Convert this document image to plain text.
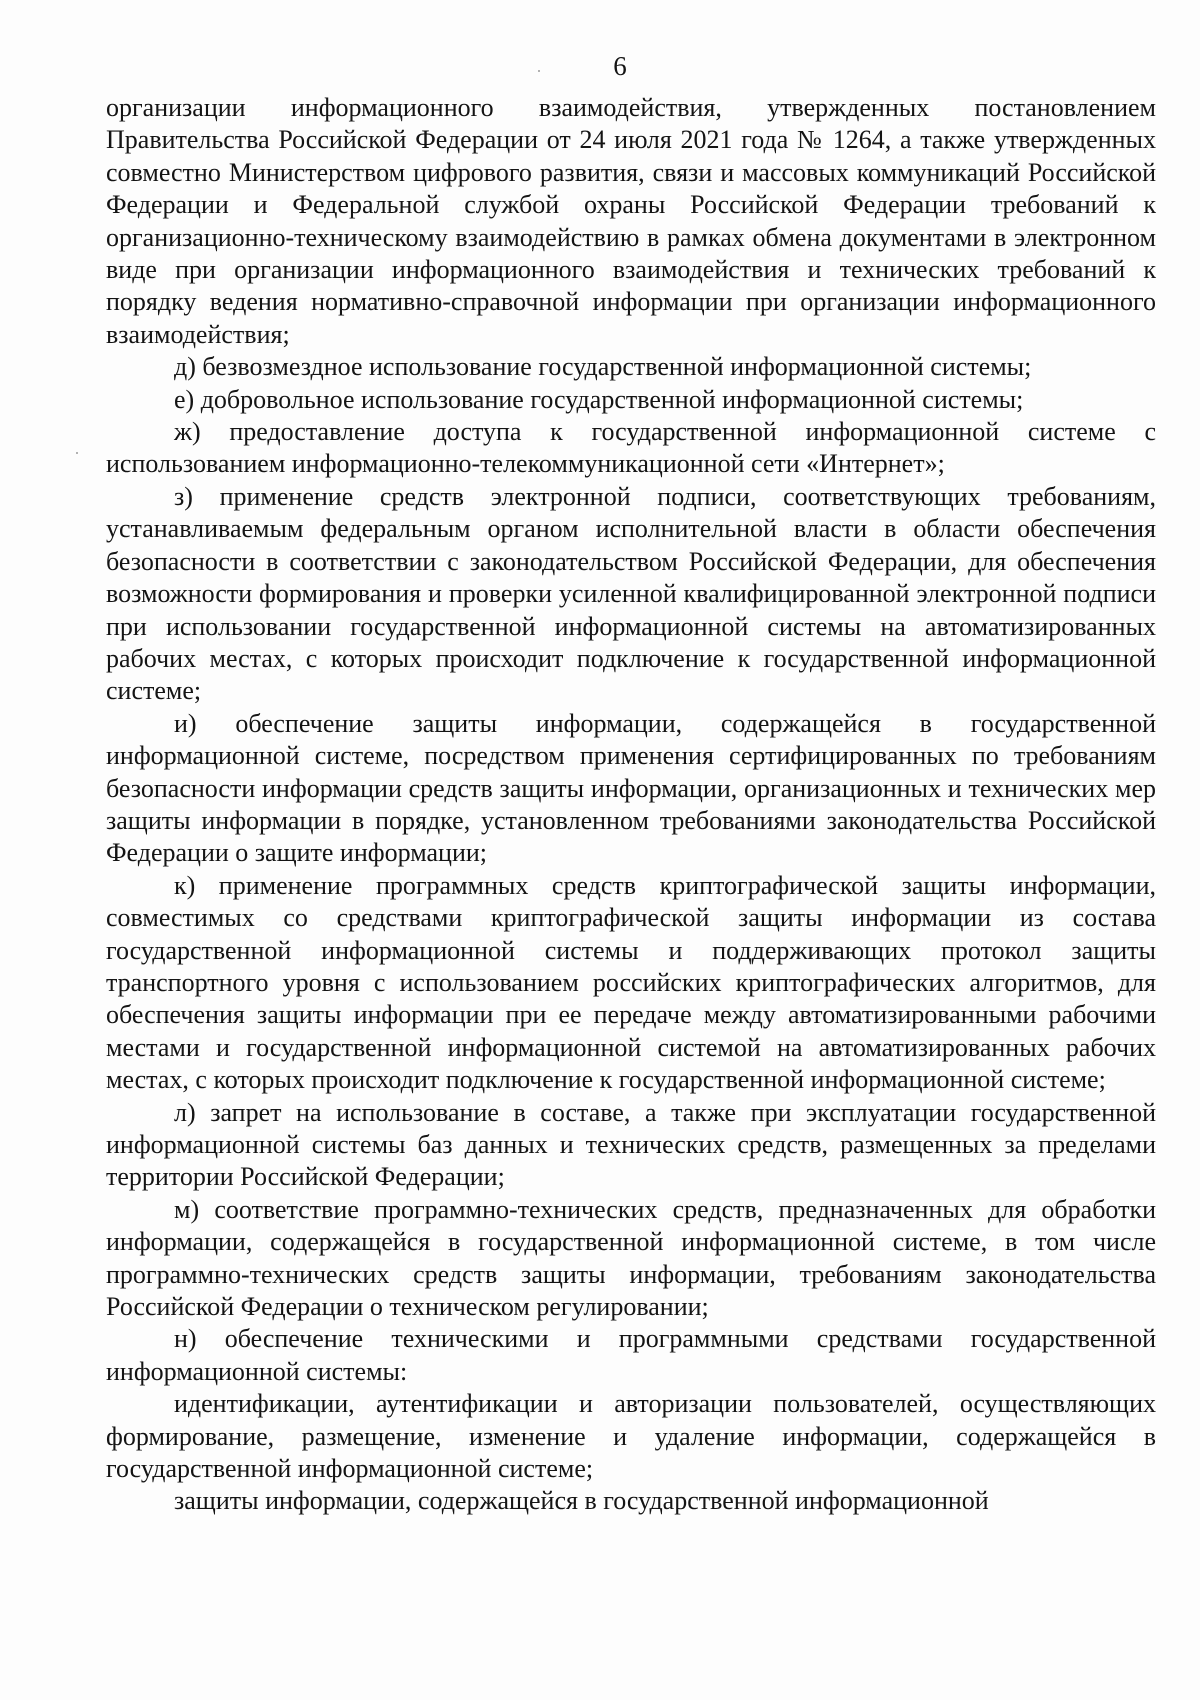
6

организации информационного взаимодействия, утвержденных постановлением Правительства Российской Федерации от 24 июля 2021 года № 1264, а также утвержденных совместно Министерством цифрового развития, связи и массовых коммуникаций Российской Федерации и Федеральной службой охраны Российской Федерации требований к организационно-техническому взаимодействию в рамках обмена документами в электронном виде при организации информационного взаимодействия и технических требований к порядку ведения нормативно-справочной информации при организации информационного взаимодействия;

д) безвозмездное использование государственной информационной системы;

е) добровольное использование государственной информационной системы;

ж) предоставление доступа к государственной информационной системе с использованием информационно-телекоммуникационной сети «Интернет»;

з) применение средств электронной подписи, соответствующих требованиям, устанавливаемым федеральным органом исполнительной власти в области обеспечения безопасности в соответствии с законодательством Российской Федерации, для обеспечения возможности формирования и проверки усиленной квалифицированной электронной подписи при использовании государственной информационной системы на автоматизированных рабочих местах, с которых происходит подключение к государственной информационной системе;

и) обеспечение защиты информации, содержащейся в государственной информационной системе, посредством применения сертифицированных по требованиям безопасности информации средств защиты информации, организационных и технических мер защиты информации в порядке, установленном требованиями законодательства Российской Федерации о защите информации;

к) применение программных средств криптографической защиты информации, совместимых со средствами криптографической защиты информации из состава государственной информационной системы и поддерживающих протокол защиты транспортного уровня с использованием российских криптографических алгоритмов, для обеспечения защиты информации при ее передаче между автоматизированными рабочими местами и государственной информационной системой на автоматизированных рабочих местах, с которых происходит подключение к государственной информационной системе;

л) запрет на использование в составе, а также при эксплуатации государственной информационной системы баз данных и технических средств, размещенных за пределами территории Российской Федерации;

м) соответствие программно-технических средств, предназначенных для обработки информации, содержащейся в государственной информационной системе, в том числе программно-технических средств защиты информации, требованиям законодательства Российской Федерации о техническом регулировании;

н) обеспечение техническими и программными средствами государственной информационной системы:

идентификации, аутентификации и авторизации пользователей, осуществляющих формирование, размещение, изменение и удаление информации, содержащейся в государственной информационной системе;

защиты информации, содержащейся в государственной информационной
